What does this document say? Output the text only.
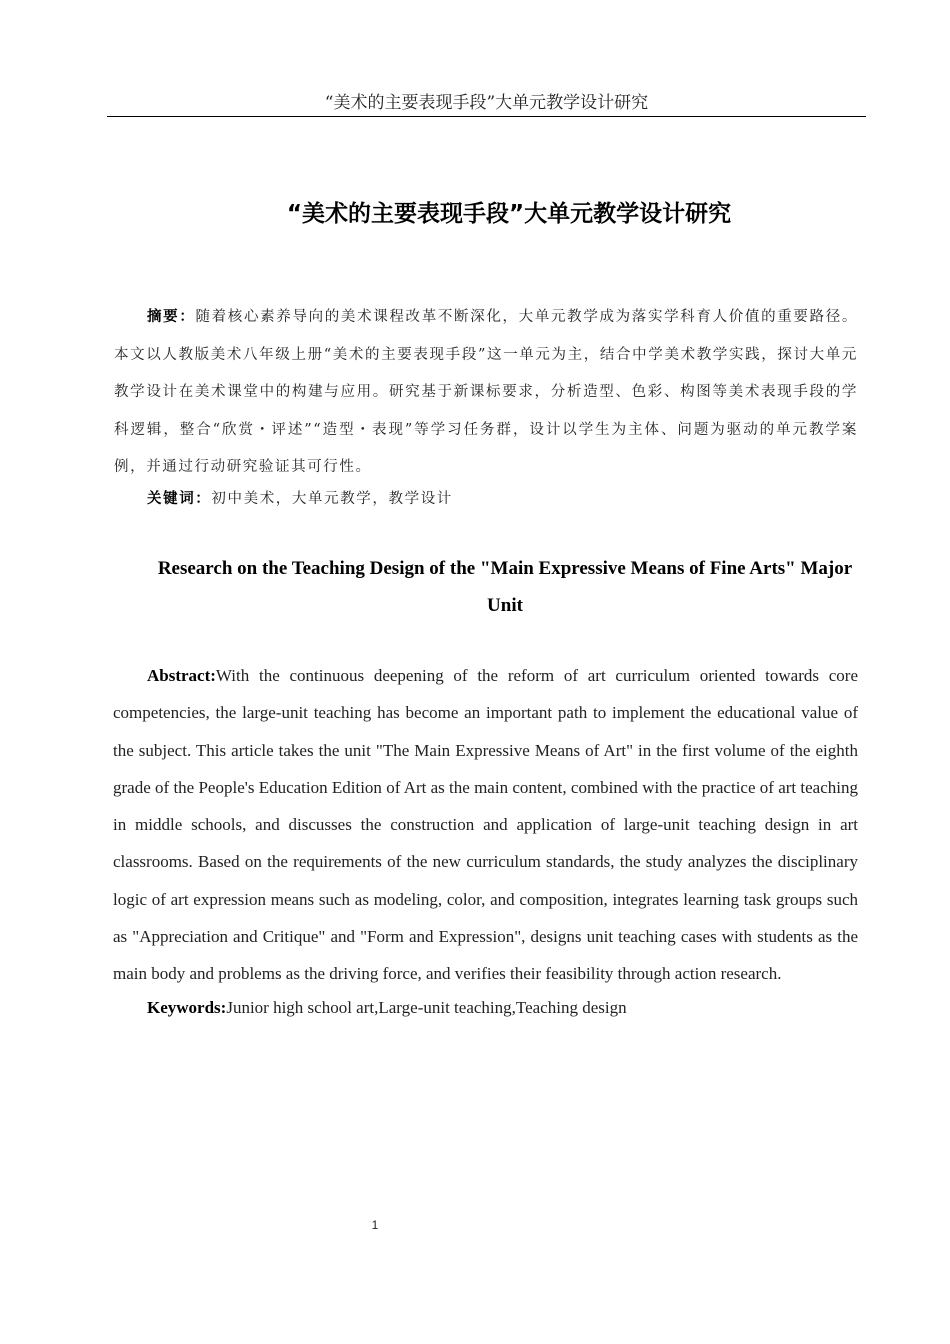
“美术的主要表现手段”大单元教学设计研究
“美术的主要表现手段”大单元教学设计研究

摘要：随着核心素养导向的美术课程改革不断深化，大单元教学成为落实学科育人价值的重要路径。本文以人教版美术八年级上册“美术的主要表现手段”这一单元为主，结合中学美术教学实践，探讨大单元教学设计在美术课堂中的构建与应用。研究基于新课标要求，分析造型、色彩、构图等美术表现手段的学科逻辑，整合“欣赏・评述”“造型・表现”等学习任务群，设计以学生为主体、问题为驱动的单元教学案例，并通过行动研究验证其可行性。

关键词：初中美术，大单元教学，教学设计

Research on the Teaching Design of the "Main Expressive Means of Fine Arts" Major Unit

Abstract:With the continuous deepening of the reform of art curriculum oriented towards core competencies, the large-unit teaching has become an important path to implement the educational value of the subject. This article takes the unit "The Main Expressive Means of Art" in the first volume of the eighth grade of the People's Education Edition of Art as the main content, combined with the practice of art teaching in middle schools, and discusses the construction and application of large-unit teaching design in art classrooms. Based on the requirements of the new curriculum standards, the study analyzes the disciplinary logic of art expression means such as modeling, color, and composition, integrates learning task groups such as "Appreciation and Critique" and "Form and Expression", designs unit teaching cases with students as the main body and problems as the driving force, and verifies their feasibility through action research.

Keywords:Junior high school art,Large-unit teaching,Teaching design

1
